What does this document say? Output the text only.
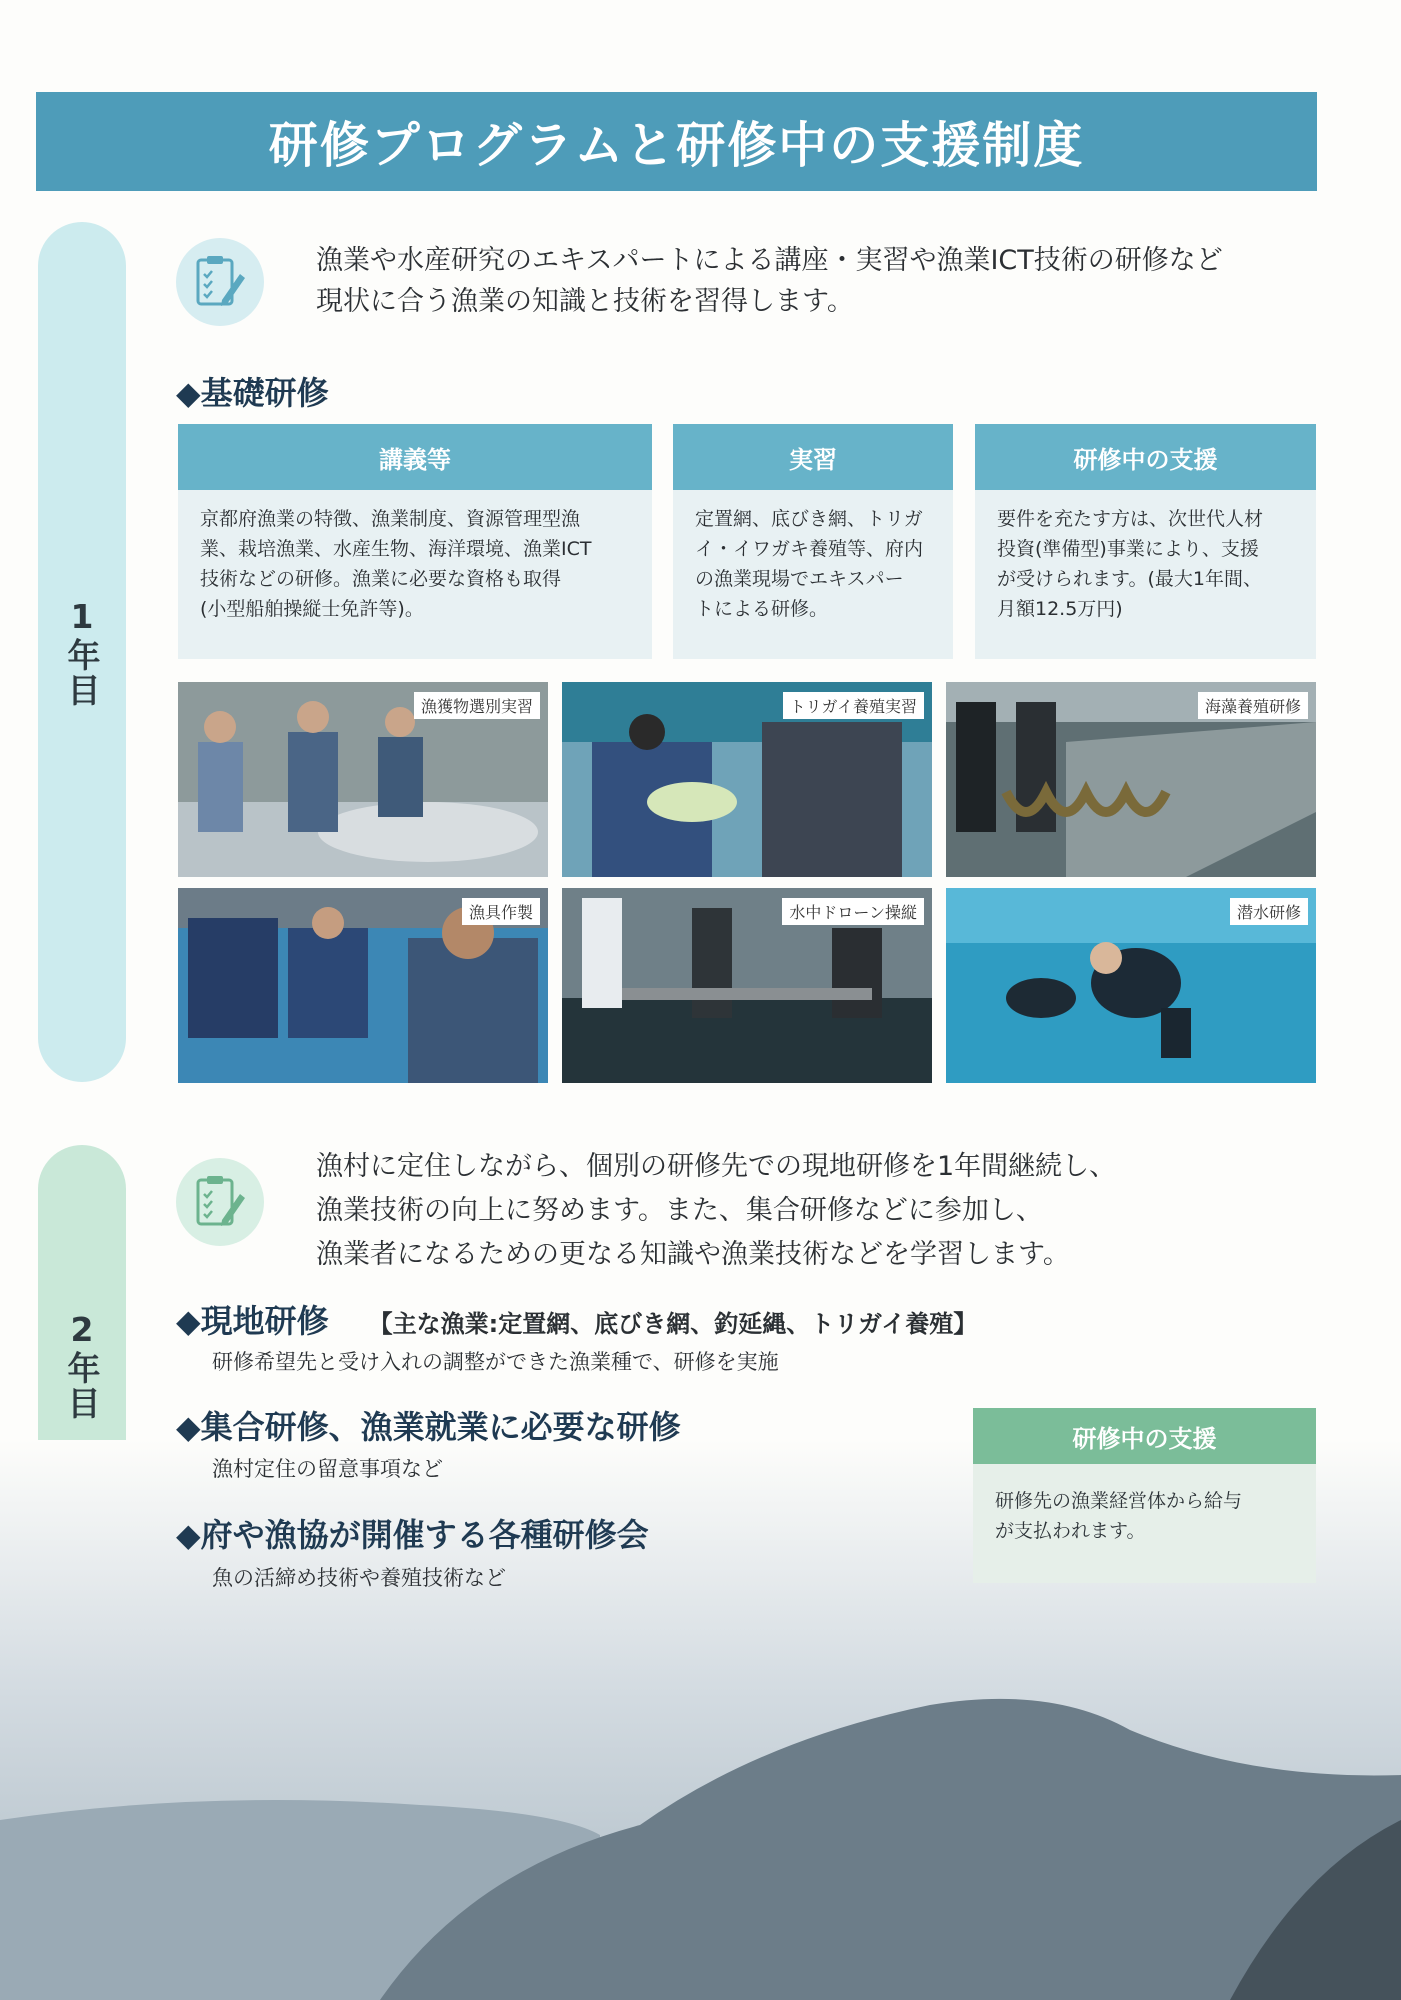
研修プログラムと研修中の支援制度
1年目
2年目
漁業や水産研究のエキスパートによる講座・実習や漁業ICT技術の研修など
現状に合う漁業の知識と技術を習得します。
◆基礎研修
講義等
京都府漁業の特徴、漁業制度、資源管理型漁
業、栽培漁業、水産生物、海洋環境、漁業ICT
技術などの研修。漁業に必要な資格も取得
(小型船舶操縦士免許等)。
実習
定置網、底びき網、トリガ
イ・イワガキ養殖等、府内
の漁業現場でエキスパー
トによる研修。
研修中の支援
要件を充たす方は、次世代人材
投資(準備型)事業により、支援
が受けられます。(最大1年間、
月額12.5万円)
漁獲物選別実習	トリガイ養殖実習	海藻養殖研修
漁具作製	水中ドローン操縦	潜水研修
漁村に定住しながら、個別の研修先での現地研修を1年間継続し、
漁業技術の向上に努めます。また、集合研修などに参加し、
漁業者になるための更なる知識や漁業技術などを学習します。
◆現地研修 【主な漁業:定置網、底びき網、釣延縄、トリガイ養殖】
研修希望先と受け入れの調整ができた漁業種で、研修を実施
◆集合研修、漁業就業に必要な研修
漁村定住の留意事項など
◆府や漁協が開催する各種研修会
魚の活締め技術や養殖技術など
研修中の支援
研修先の漁業経営体から給与
が支払われます。
